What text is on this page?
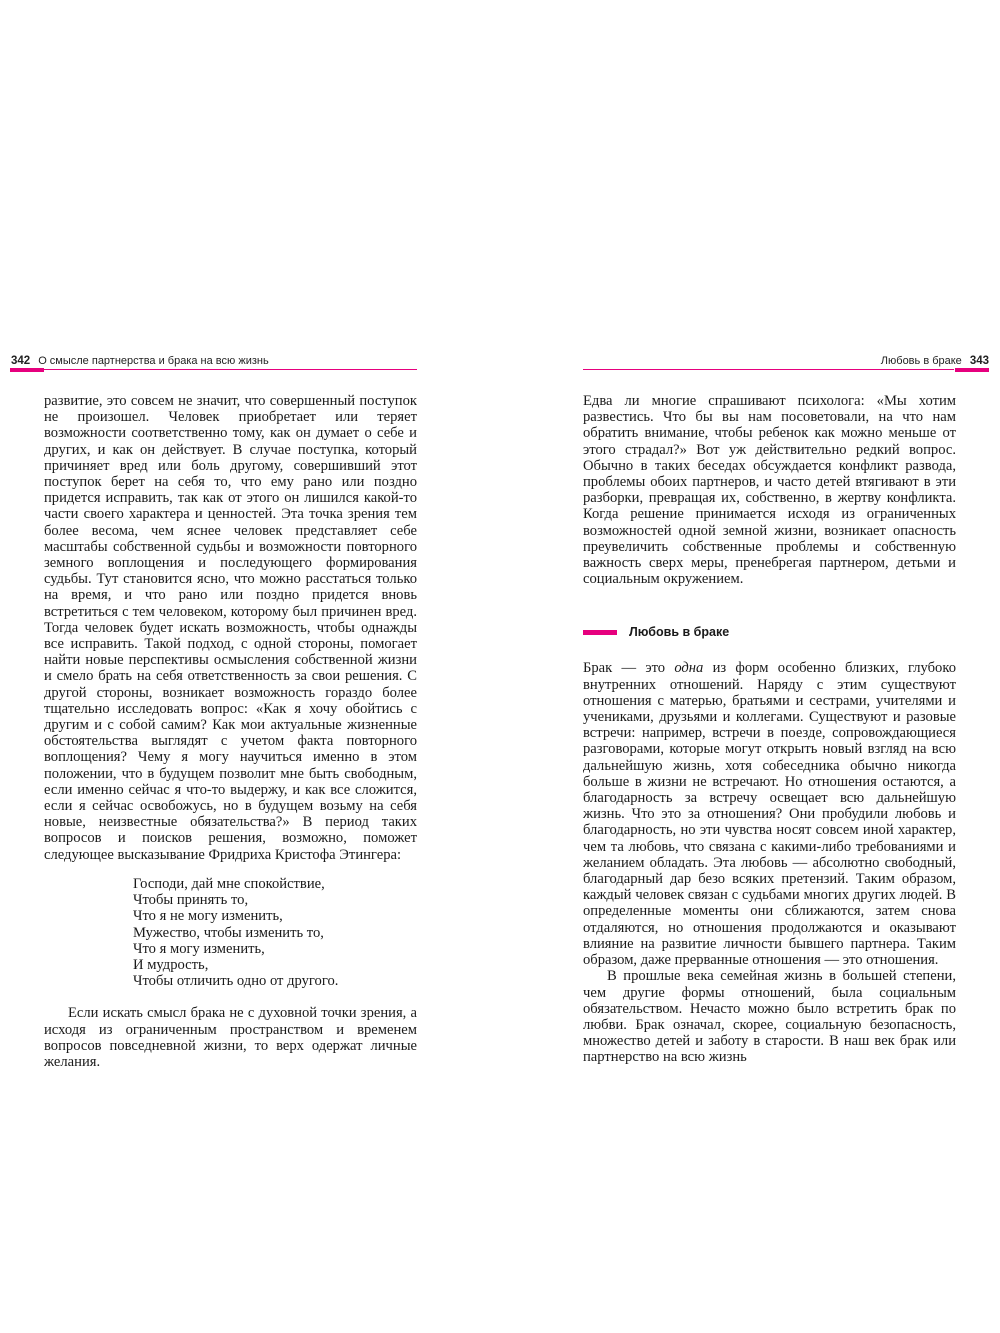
342 О смысле партнерства и брака на всю жизнь

развитие, это совсем не значит, что совершенный поступок не произошел. Человек приобретает или теряет возможности соответственно тому, как он думает о себе и других, и как он действует. В случае поступка, который причиняет вред или боль другому, совершивший этот поступок берет на себя то, что ему рано или поздно придется исправить, так как от этого он лишился какой-то части своего характера и ценностей. Эта точка зрения тем более весома, чем яснее человек представляет себе масштабы собственной судьбы и возможности повторного земного воплощения и последующего формирования судьбы. Тут становится ясно, что можно расстаться только на время, и что рано или поздно придется вновь встретиться с тем человеком, которому был причинен вред. Тогда человек будет искать возможность, чтобы однажды все исправить. Такой подход, с одной стороны, помогает найти новые перспективы осмысления собственной жизни и смело брать на себя ответственность за свои решения. С другой стороны, возникает возможность гораздо более тщательно исследовать вопрос: «Как я хочу обойтись с другим и с собой самим? Как мои актуальные жизненные обстоятельства выглядят с учетом факта повторного воплощения? Чему я могу научиться именно в этом положении, что в будущем позволит мне быть свободным, если именно сейчас я что-то выдержу, и как все сложится, если я сейчас освобожусь, но в будущем возьму на себя новые, неизвестные обязательства?» В период таких вопросов и поисков решения, возможно, поможет следующее высказывание Фридриха Кристофа Этингера:

Господи, дай мне спокойствие,
Чтобы принять то,
Что я не могу изменить,
Мужество, чтобы изменить то,
Что я могу изменить,
И мудрость,
Чтобы отличить одно от другого.

Если искать смысл брака не с духовной точки зрения, а исходя из ограниченным пространством и временем вопросов повседневной жизни, то верх одержат личные желания.

Любовь в браке 343

Едва ли многие спрашивают психолога: «Мы хотим развестись. Что бы вы нам посоветовали, на что нам обратить внимание, чтобы ребенок как можно меньше от этого страдал?» Вот уж действительно редкий вопрос. Обычно в таких беседах обсуждается конфликт развода, проблемы обоих партнеров, и часто детей втягивают в эти разборки, превращая их, собственно, в жертву конфликта. Когда решение принимается исходя из ограниченных возможностей одной земной жизни, возникает опасность преувеличить собственные проблемы и собственную важность сверх меры, пренебрегая партнером, детьми и социальным окружением.

Любовь в браке

Брак — это одна из форм особенно близких, глубоко внутренних отношений. Наряду с этим существуют отношения с матерью, братьями и сестрами, учителями и учениками, друзьями и коллегами. Существуют и разовые встречи: например, встречи в поезде, сопровождающиеся разговорами, которые могут открыть новый взгляд на всю дальнейшую жизнь, хотя собеседника обычно никогда больше в жизни не встречают. Но отношения остаются, а благодарность за встречу освещает всю дальнейшую жизнь. Что это за отношения? Они пробудили любовь и благодарность, но эти чувства носят совсем иной характер, чем та любовь, что связана с какими-либо требованиями и желанием обладать. Эта любовь — абсолютно свободный, благодарный дар безо всяких претензий. Таким образом, каждый человек связан с судьбами многих других людей. В определенные моменты они сближаются, затем снова отдаляются, но отношения продолжаются и оказывают влияние на развитие личности бывшего партнера. Таким образом, даже прерванные отношения — это отношения.

В прошлые века семейная жизнь в большей степени, чем другие формы отношений, была социальным обязательством. Нечасто можно было встретить брак по любви. Брак означал, скорее, социальную безопасность, множество детей и заботу в старости. В наш век брак или партнерство на всю жизнь
